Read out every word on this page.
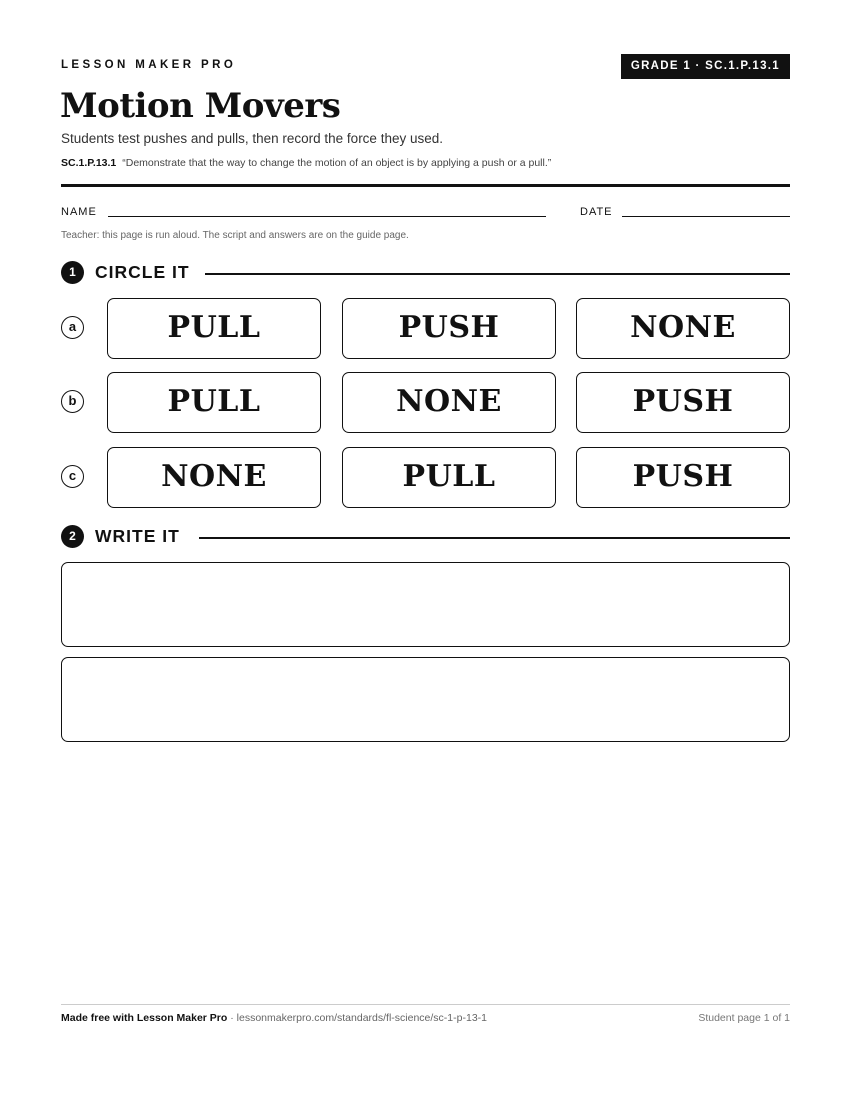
LESSON MAKER PRO	GRADE 1 · SC.1.P.13.1
Motion Movers
Students test pushes and pulls, then record the force they used.
SC.1.P.13.1 “Demonstrate that the way to change the motion of an object is by applying a push or a pull.”
NAME	DATE
Teacher: this page is run aloud. The script and answers are on the guide page.
1	CIRCLE IT
a	PULL	PUSH	NONE
b	PULL	NONE	PUSH
c	NONE	PULL	PUSH
2	WRITE IT
Made free with Lesson Maker Pro · lessonmakerpro.com/standards/fl-science/sc-1-p-13-1	Student page 1 of 1
